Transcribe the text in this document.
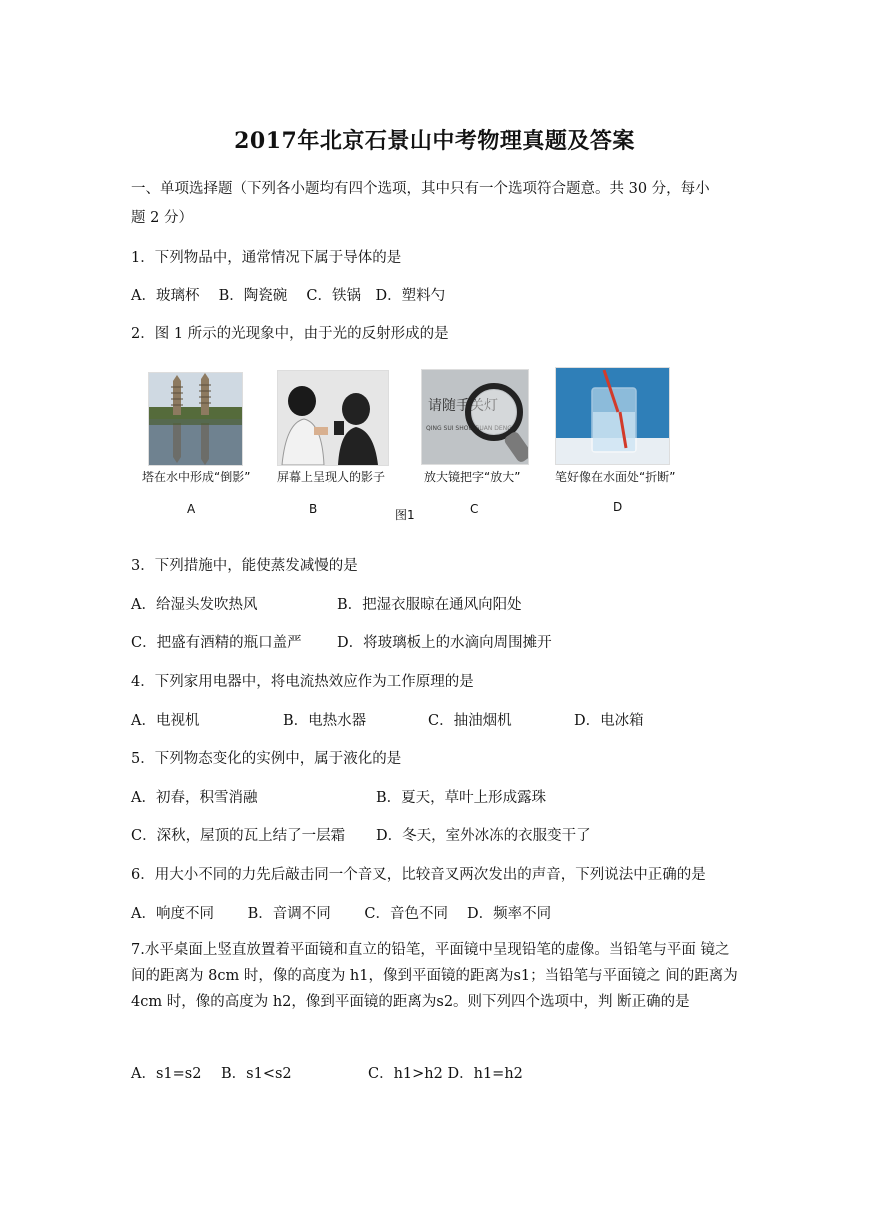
2017年北京石景山中考物理真题及答案
一、单项选择题（下列各小题均有四个选项，其中只有一个选项符合题意。共 30 分，每小
题 2 分）
1．下列物品中，通常情况下属于导体的是
A．玻璃杯　 B．陶瓷碗　 C．铁锅　D．塑料勺
2．图 1 所示的光现象中，由于光的反射形成的是
请随手关灯
QING SUI SHOU GUAN DENG
塔在水中形成“倒影” 屏幕上呈现人的影子	放大镜把字“放大”	笔好像在水面处“折断”
A	B	图1	C	D
3．下列措施中，能使蒸发减慢的是
A．给湿头发吹热风	B．把湿衣服晾在通风向阳处
C．把盛有酒精的瓶口盖严 D．将玻璃板上的水滴向周围摊开
4．下列家用电器中，将电流热效应作为工作原理的是
A．电视机	B．电热水器	C．抽油烟机	D．电冰箱
5．下列物态变化的实例中，属于液化的是
A．初春，积雪消融	B．夏天，草叶上形成露珠
C．深秋，屋顶的瓦上结了一层霜 D．冬天，室外冰冻的衣服变干了
6．用大小不同的力先后敲击同一个音叉，比较音叉两次发出的声音，下列说法中正确的是
A．响度不同　　 B．音调不同　　 C．音色不同　 D．频率不同
7.水平桌面上竖直放置着平面镜和直立的铅笔，平面镜中呈现铅笔的虚像。当铅笔与平面 镜之间的距离为 8cm 时，像的高度为 h1，像到平面镜的距离为s1；当铅笔与平面镜之 间的距离为 4cm 时，像的高度为 h2，像到平面镜的距离为s2。则下列四个选项中，判 断正确的是
A．s1=s2 B．s1<s2	C．h1>h2 D．h1=h2
